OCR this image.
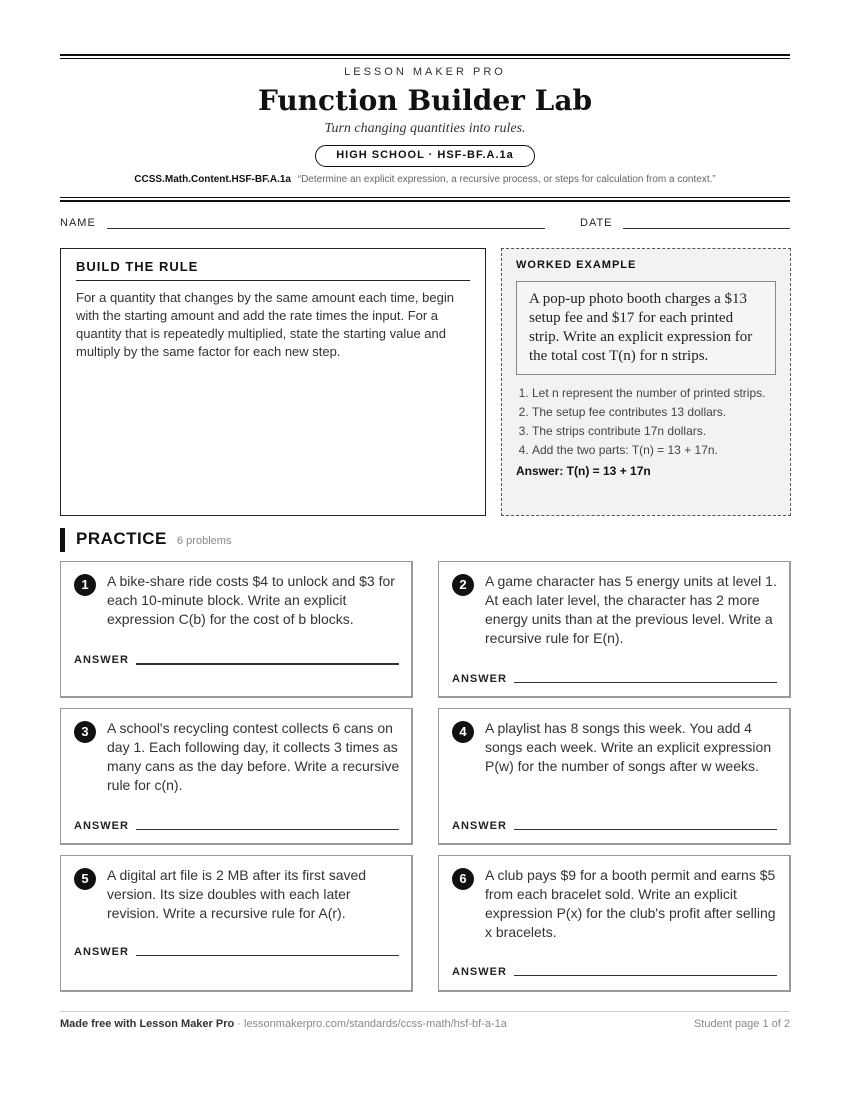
LESSON MAKER PRO
Function Builder Lab
Turn changing quantities into rules.
HIGH SCHOOL · HSF-BF.A.1a
CCSS.Math.Content.HSF-BF.A.1a “Determine an explicit expression, a recursive process, or steps for calculation from a context.”
NAME	DATE
BUILD THE RULE
For a quantity that changes by the same amount each time, begin with the starting amount and add the rate times the input. For a quantity that is repeatedly multiplied, state the starting value and multiply by the same factor for each new step.
WORKED EXAMPLE
A pop-up photo booth charges a $13 setup fee and $17 for each printed strip. Write an explicit expression for the total cost T(n) for n strips.
1. Let n represent the number of printed strips.
2. The setup fee contributes 13 dollars.
3. The strips contribute 17n dollars.
4. Add the two parts: T(n) = 13 + 17n.
Answer: T(n) = 13 + 17n
PRACTICE 6 problems
1	A bike-share ride costs $4 to unlock and $3 for each 10-minute block. Write an explicit expression C(b) for the cost of b blocks.
ANSWER
2	A game character has 5 energy units at level 1. At each later level, the character has 2 more energy units than at the previous level. Write a recursive rule for E(n).
ANSWER
3	A school's recycling contest collects 6 cans on day 1. Each following day, it collects 3 times as many cans as the day before. Write a recursive rule for c(n).
ANSWER
4	A playlist has 8 songs this week. You add 4 songs each week. Write an explicit expression P(w) for the number of songs after w weeks.
ANSWER
5	A digital art file is 2 MB after its first saved version. Its size doubles with each later revision. Write a recursive rule for A(r).
ANSWER
6	A club pays $9 for a booth permit and earns $5 from each bracelet sold. Write an explicit expression P(x) for the club's profit after selling x bracelets.
ANSWER
Made free with Lesson Maker Pro · lessonmakerpro.com/standards/ccss-math/hsf-bf-a-1a	Student page 1 of 2
